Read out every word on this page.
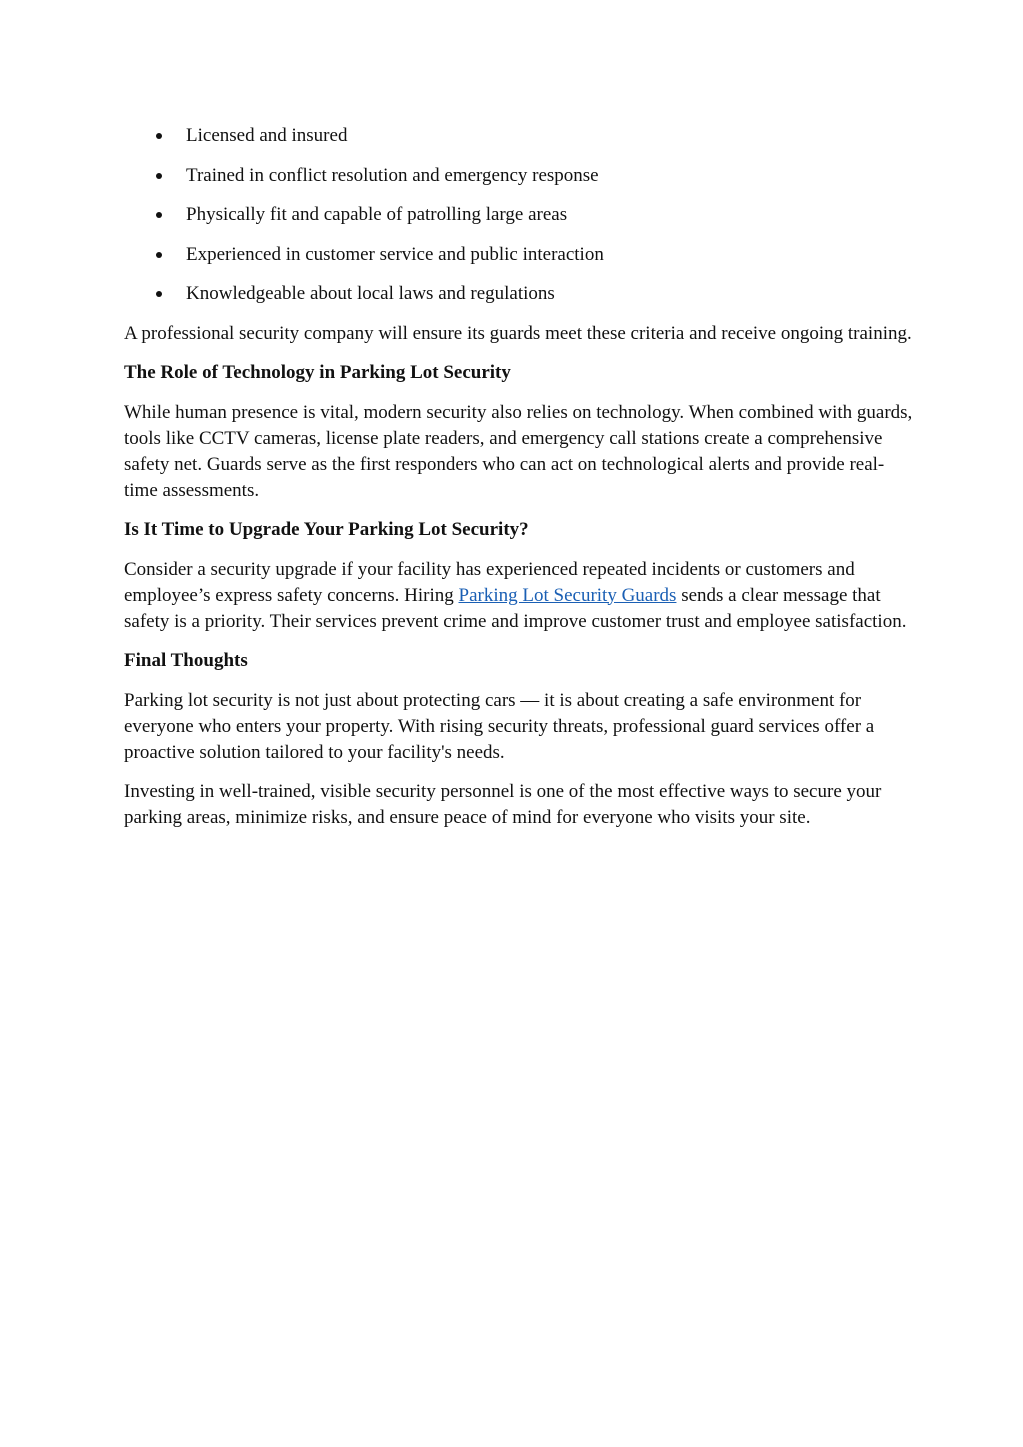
Licensed and insured
Trained in conflict resolution and emergency response
Physically fit and capable of patrolling large areas
Experienced in customer service and public interaction
Knowledgeable about local laws and regulations

A professional security company will ensure its guards meet these criteria and receive ongoing training.

The Role of Technology in Parking Lot Security

While human presence is vital, modern security also relies on technology. When combined with guards, tools like CCTV cameras, license plate readers, and emergency call stations create a comprehensive safety net. Guards serve as the first responders who can act on technological alerts and provide real-time assessments.

Is It Time to Upgrade Your Parking Lot Security?

Consider a security upgrade if your facility has experienced repeated incidents or customers and employee’s express safety concerns. Hiring Parking Lot Security Guards sends a clear message that safety is a priority. Their services prevent crime and improve customer trust and employee satisfaction.

Final Thoughts

Parking lot security is not just about protecting cars — it is about creating a safe environment for everyone who enters your property. With rising security threats, professional guard services offer a proactive solution tailored to your facility's needs.

Investing in well-trained, visible security personnel is one of the most effective ways to secure your parking areas, minimize risks, and ensure peace of mind for everyone who visits your site.
